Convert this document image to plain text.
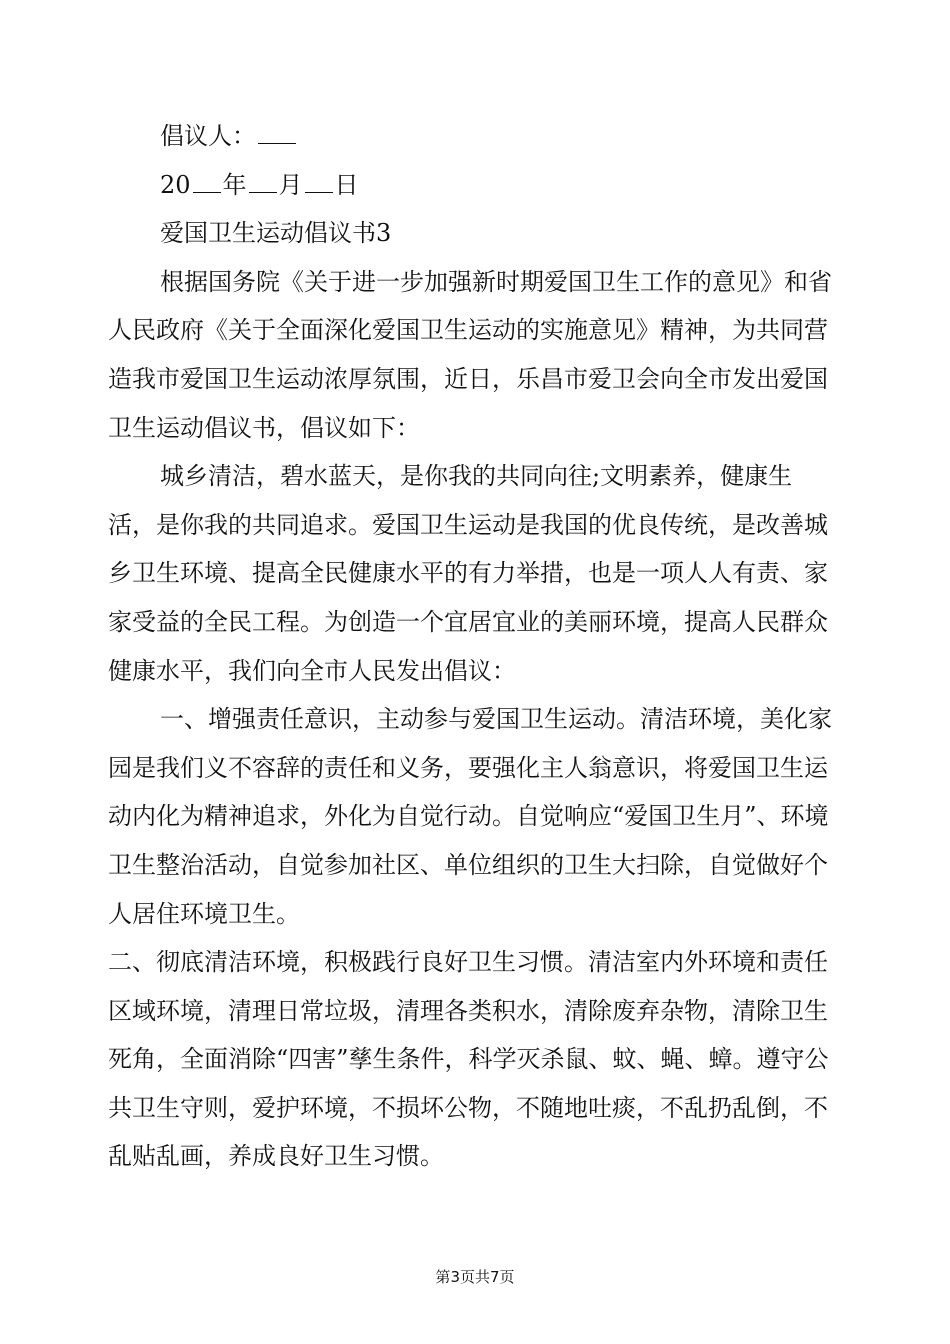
倡议人：

20 年 月 日

爱国卫生运动倡议书3

根据国务院《关于进一步加强新时期爱国卫生工作的意见》和省人民政府《关于全面深化爱国卫生运动的实施意见》精神，为共同营造我市爱国卫生运动浓厚氛围，近日，乐昌市爱卫会向全市发出爱国卫生运动倡议书，倡议如下：

城乡清洁，碧水蓝天，是你我的共同向往;文明素养，健康生活，是你我的共同追求。爱国卫生运动是我国的优良传统，是改善城乡卫生环境、提高全民健康水平的有力举措，也是一项人人有责、家家受益的全民工程。为创造一个宜居宜业的美丽环境，提高人民群众健康水平，我们向全市人民发出倡议：

一、增强责任意识，主动参与爱国卫生运动。清洁环境，美化家园是我们义不容辞的责任和义务，要强化主人翁意识，将爱国卫生运动内化为精神追求，外化为自觉行动。自觉响应“爱国卫生月”、环境卫生整治活动，自觉参加社区、单位组织的卫生大扫除，自觉做好个人居住环境卫生。

二、彻底清洁环境，积极践行良好卫生习惯。清洁室内外环境和责任区域环境，清理日常垃圾，清理各类积水，清除废弃杂物，清除卫生死角，全面消除“四害”孳生条件，科学灭杀鼠、蚊、蝇、蟑。遵守公共卫生守则，爱护环境，不损坏公物，不随地吐痰，不乱扔乱倒，不乱贴乱画，养成良好卫生习惯。

第3页共7页
